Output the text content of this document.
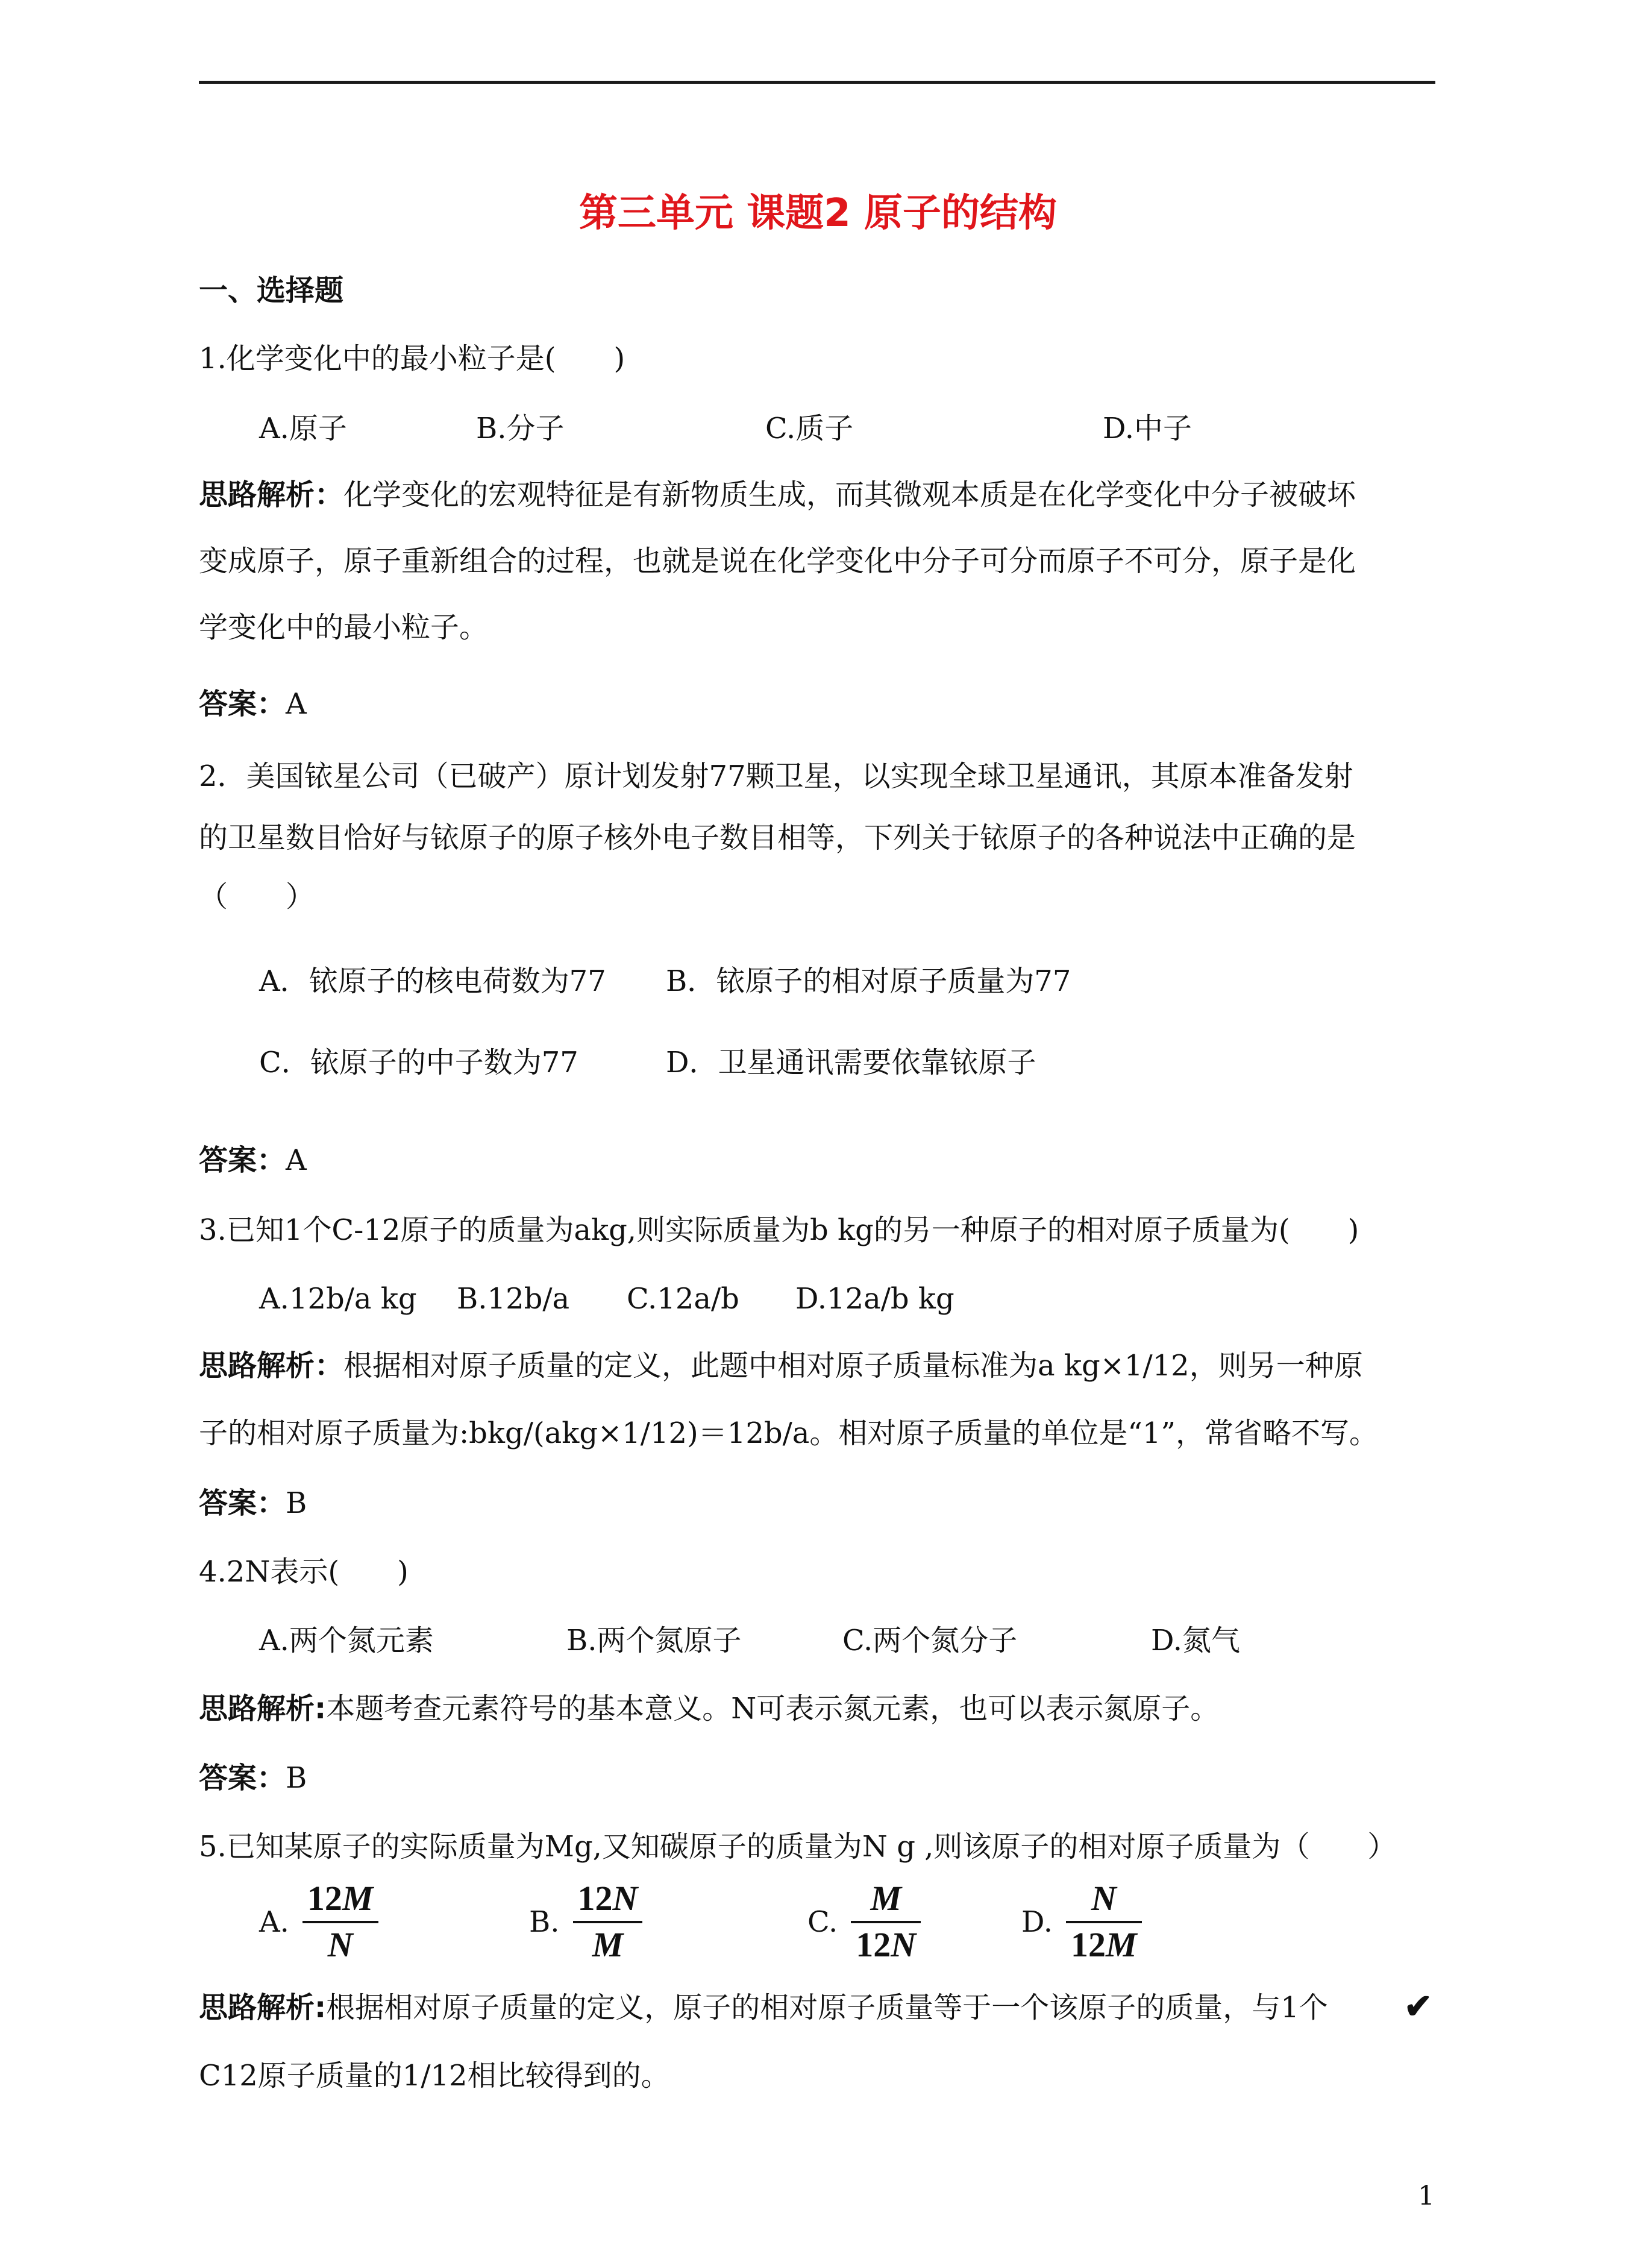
第三单元 课题2 原子的结构
一、选择题
1.化学变化中的最小粒子是(　　)
A.原子	B.分子	C.质子	D.中子
思路解析：化学变化的宏观特征是有新物质生成，而其微观本质是在化学变化中分子被破坏
变成原子，原子重新组合的过程，也就是说在化学变化中分子可分而原子不可分，原子是化
学变化中的最小粒子。
答案：A
2．美国铱星公司（已破产）原计划发射77颗卫星，以实现全球卫星通讯，其原本准备发射
的卫星数目恰好与铱原子的原子核外电子数目相等，下列关于铱原子的各种说法中正确的是
（　　）
A．铱原子的核电荷数为77 B．铱原子的相对原子质量为77
C．铱原子的中子数为77	D．卫星通讯需要依靠铱原子
答案：A
3.已知1个C-12原子的质量为akg,则实际质量为b kg的另一种原子的相对原子质量为(　　)
A.12b/a kg B.12b/a C.12a/b D.12a/b kg
思路解析：根据相对原子质量的定义，此题中相对原子质量标准为a kg×1/12，则另一种原
子的相对原子质量为:bkg/(akg×1/12)＝12b/a。相对原子质量的单位是“1”，常省略不写。
答案：B
4.2N表示(　　)
A.两个氮元素	B.两个氮原子	C.两个氮分子	D.氮气
思路解析:本题考查元素符号的基本意义。N可表示氮元素，也可以表示氮原子。
答案：B
5.已知某原子的实际质量为Mg,又知碳原子的质量为N g ,则该原子的相对原子质量为（　　）
A. $\frac{12M}{N}$	B. $\frac{12N}{M}$	C. $\frac{M}{12N}$	D. $\frac{N}{12M}$
思路解析:根据相对原子质量的定义，原子的相对原子质量等于一个该原子的质量，与1个 ✔
C12原子质量的1/12相比较得到的。
1
